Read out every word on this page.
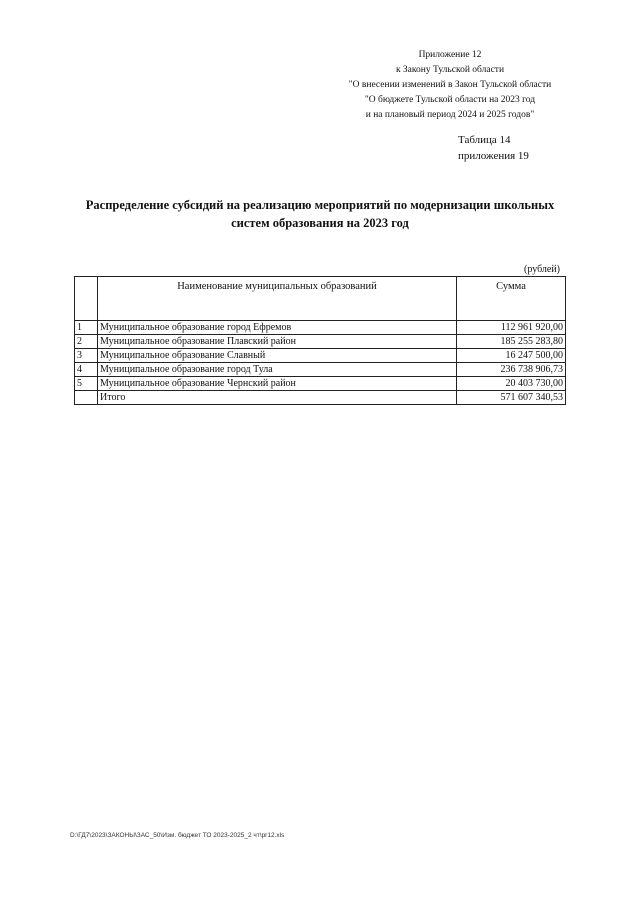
Приложение 12
к Закону Тульской области
"О внесении изменений в Закон Тульской области
"О бюджете Тульской области на 2023 год
и на плановый период 2024 и 2025 годов"
Таблица 14
приложения 19
Распределение субсидий на реализацию мероприятий по модернизации школьных
систем образования на 2023 год
(рублей)
	Наименование муниципальных образований	Сумма
1	Муниципальное образование город Ефремов	112 961 920,00
2	Муниципальное образование Плавский район	185 255 283,80
3	Муниципальное образование Славный	16 247 500,00
4	Муниципальное образование город Тула	236 738 906,73
5	Муниципальное образование Чернский район	20 403 730,00
	Итого	571 607 340,53
D:\ГД7\2023\ЗАКОНЫ\ЗАС_50\Изм. бюджет ТО 2023-2025_2 чт\pr12.xls
